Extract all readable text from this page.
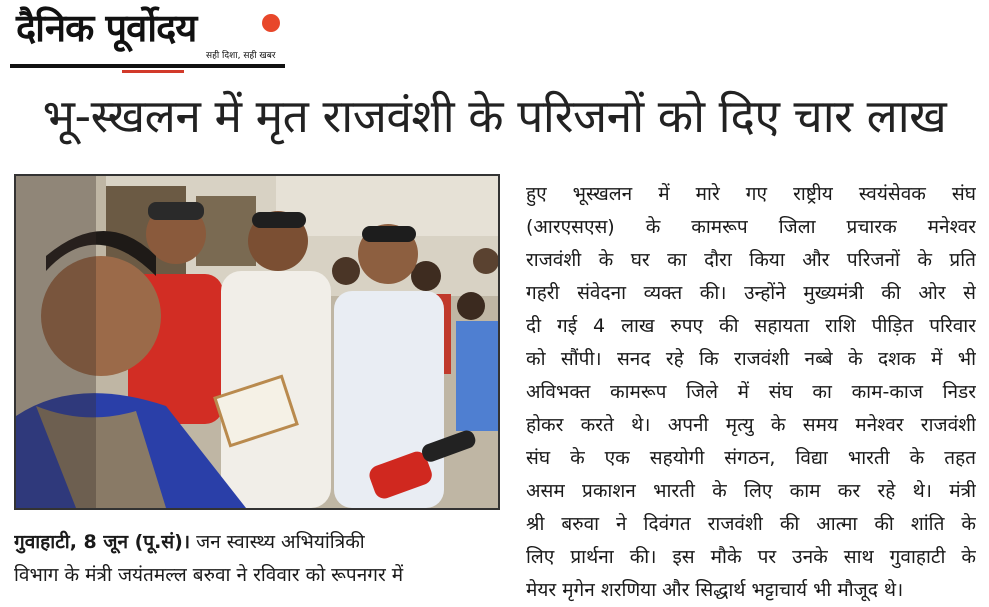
दैनिक पूर्वोदय
सही दिशा, सही खबर
भू-स्खलन में मृत राजवंशी के परिजनों को दिए चार लाख
गुवाहाटी, 8 जून (पू.सं)। जन स्वास्थ्य अभियांत्रिकी
विभाग के मंत्री जयंतमल्ल बरुवा ने रविवार को रूपनगर में
हुए भूस्खलन में मारे गए राष्ट्रीय स्वयंसेवक संघ
(आरएसएस) के कामरूप जिला प्रचारक मनेश्वर
राजवंशी के घर का दौरा किया और परिजनों के प्रति
गहरी संवेदना व्यक्त की। उन्होंने मुख्यमंत्री की ओर से
दी गई 4 लाख रुपए की सहायता राशि पीड़ित परिवार
को सौंपी। सनद रहे कि राजवंशी नब्बे के दशक में भी
अविभक्त कामरूप जिले में संघ का काम-काज निडर
होकर करते थे। अपनी मृत्यु के समय मनेश्वर राजवंशी
संघ के एक सहयोगी संगठन, विद्या भारती के तहत
असम प्रकाशन भारती के लिए काम कर रहे थे। मंत्री
श्री बरुवा ने दिवंगत राजवंशी की आत्मा की शांति के
लिए प्रार्थना की। इस मौके पर उनके साथ गुवाहाटी के
मेयर मृगेन शरणिया और सिद्धार्थ भट्टाचार्य भी मौजूद थे।
